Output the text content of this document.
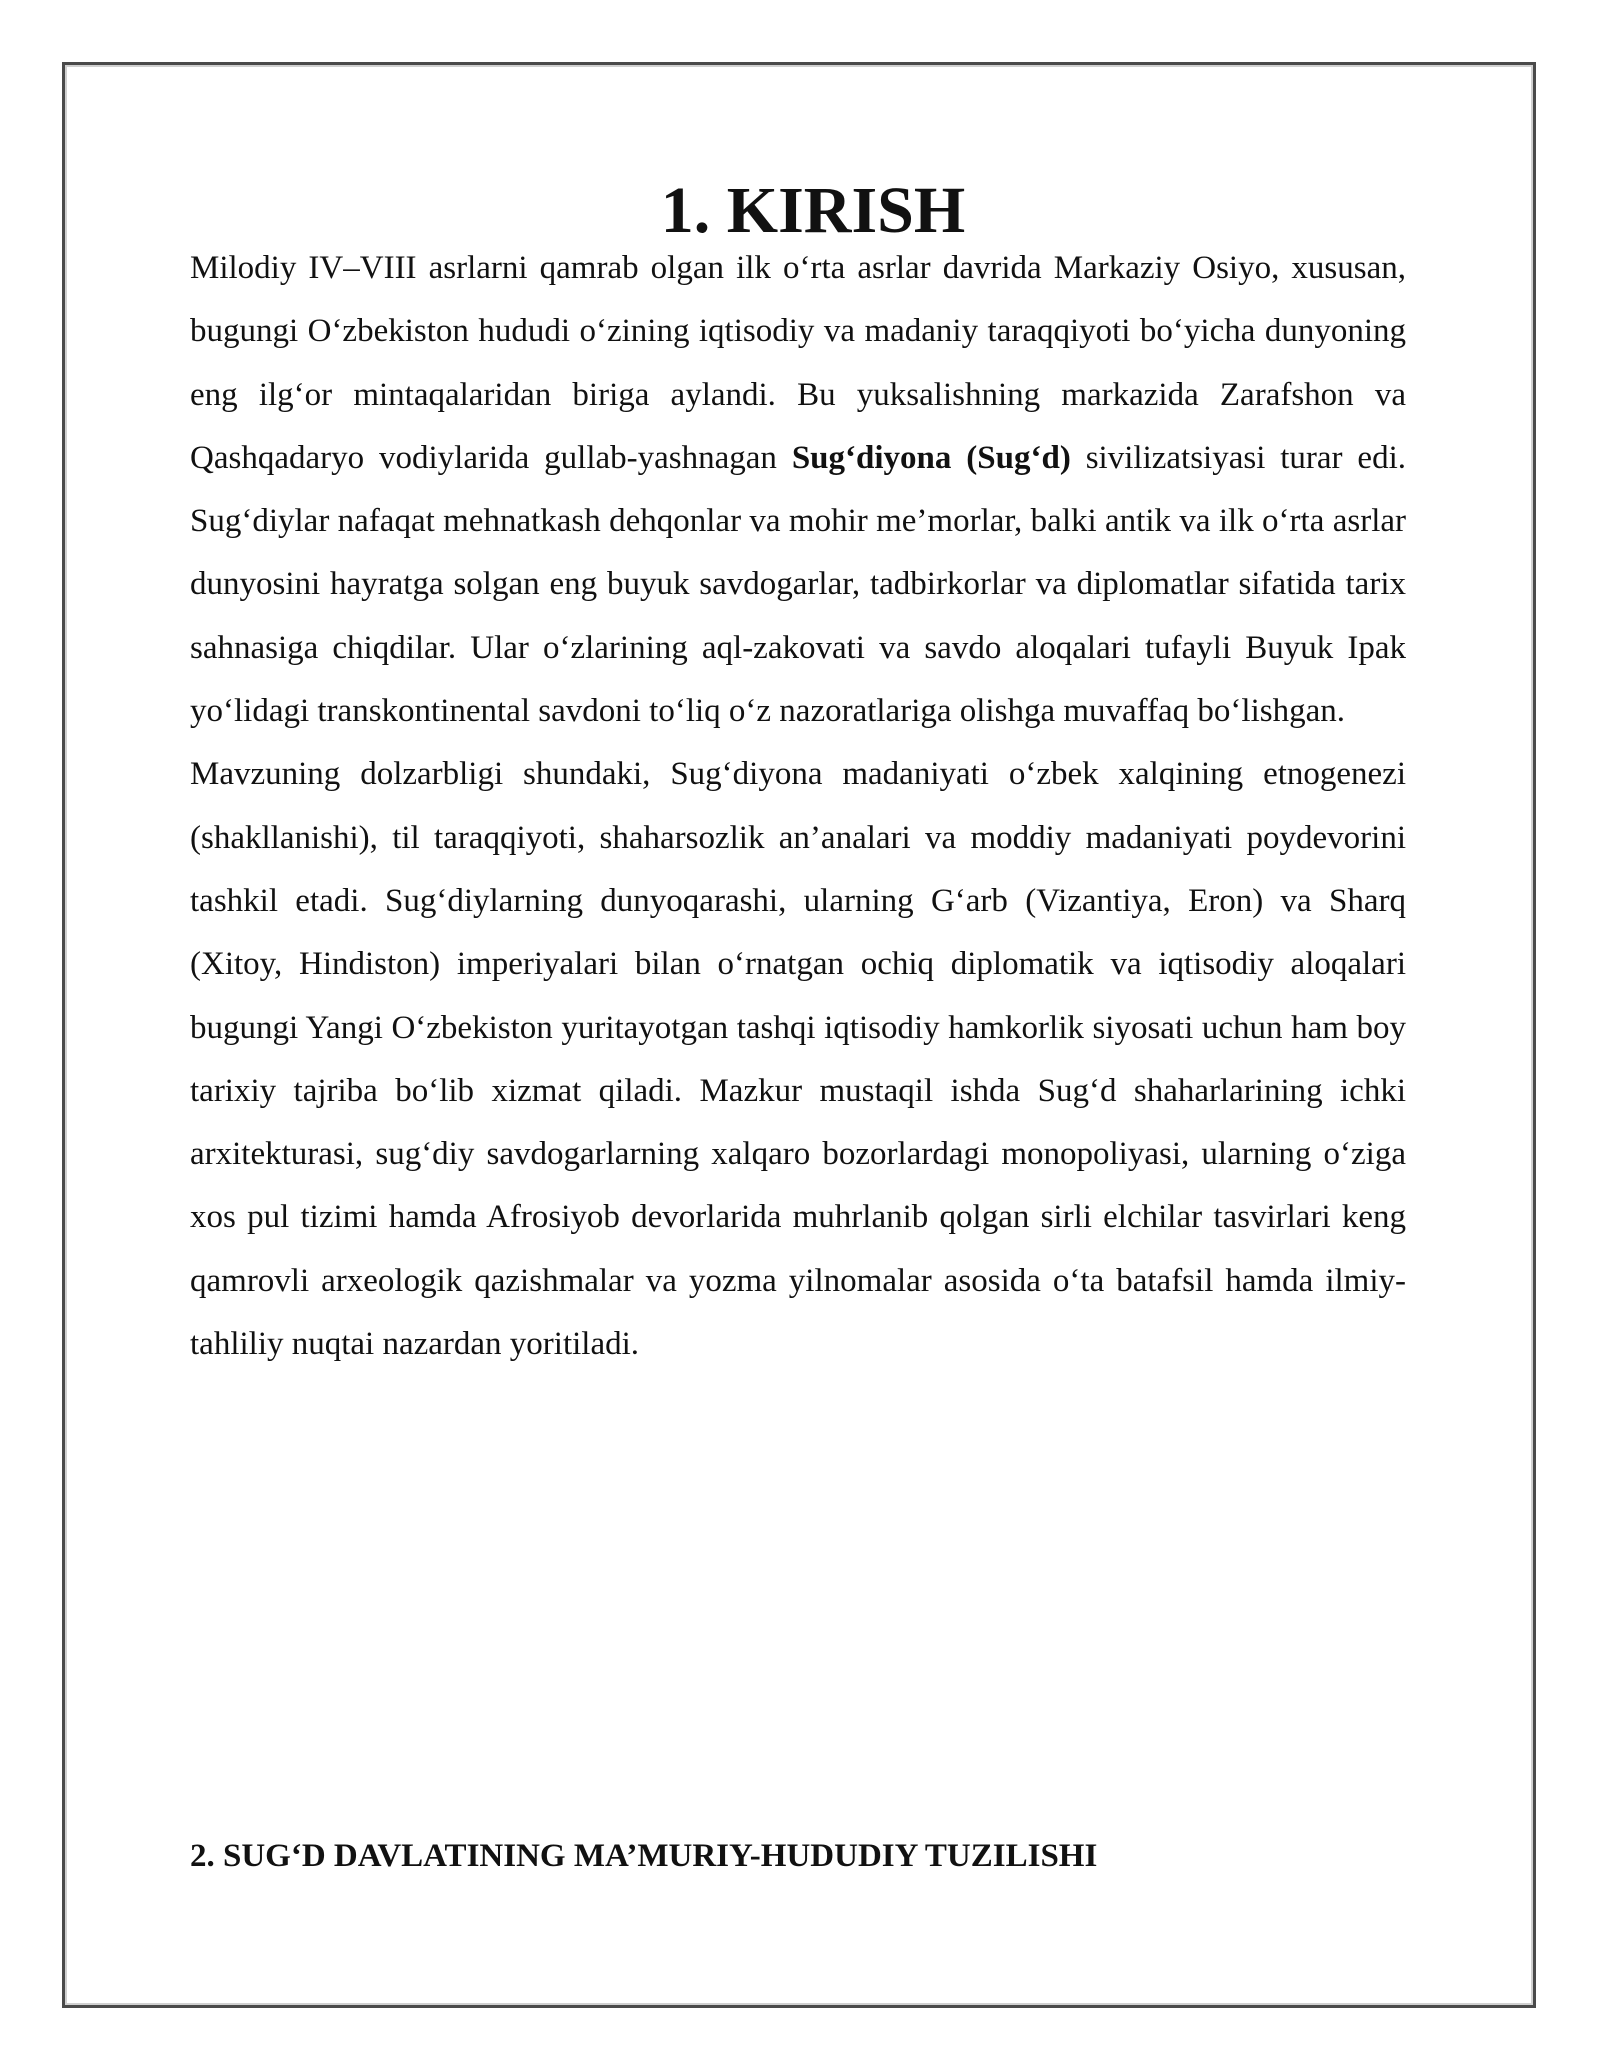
1. KIRISH

Milodiy IV–VIII asrlarni qamrab olgan ilk o‘rta asrlar davrida Markaziy Osiyo, xususan, bugungi O‘zbekiston hududi o‘zining iqtisodiy va madaniy taraqqiyoti bo‘yicha dunyoning eng ilg‘or mintaqalaridan biriga aylandi. Bu yuksalishning markazida Zarafshon va Qashqadaryo vodiylarida gullab-yashnagan Sug‘diyona (Sug‘d) sivilizatsiyasi turar edi. Sug‘diylar nafaqat mehnatkash dehqonlar va mohir me’morlar, balki antik va ilk o‘rta asrlar dunyosini hayratga solgan eng buyuk savdogarlar, tadbirkorlar va diplomatlar sifatida tarix sahnasiga chiqdilar. Ular o‘zlarining aql-zakovati va savdo aloqalari tufayli Buyuk Ipak yo‘lidagi transkontinental savdoni to‘liq o‘z nazoratlariga olishga muvaffaq bo‘lishgan.

Mavzuning dolzarbligi shundaki, Sug‘diyona madaniyati o‘zbek xalqining etnogenezi (shakllanishi), til taraqqiyoti, shaharsozlik an’analari va moddiy madaniyati poydevorini tashkil etadi. Sug‘diylarning dunyoqarashi, ularning G‘arb (Vizantiya, Eron) va Sharq (Xitoy, Hindiston) imperiyalari bilan o‘rnatgan ochiq diplomatik va iqtisodiy aloqalari bugungi Yangi O‘zbekiston yuritayotgan tashqi iqtisodiy hamkorlik siyosati uchun ham boy tarixiy tajriba bo‘lib xizmat qiladi. Mazkur mustaqil ishda Sug‘d shaharlarining ichki arxitekturasi, sug‘diy savdogarlarning xalqaro bozorlardagi monopoliyasi, ularning o‘ziga xos pul tizimi hamda Afrosiyob devorlarida muhrlanib qolgan sirli elchilar tasvirlari keng qamrovli arxeologik qazishmalar va yozma yilnomalar asosida o‘ta batafsil hamda ilmiy-tahliliy nuqtai nazardan yoritiladi.

2. SUG‘D DAVLATINING MA’MURIY-HUDUDIY TUZILISHI
